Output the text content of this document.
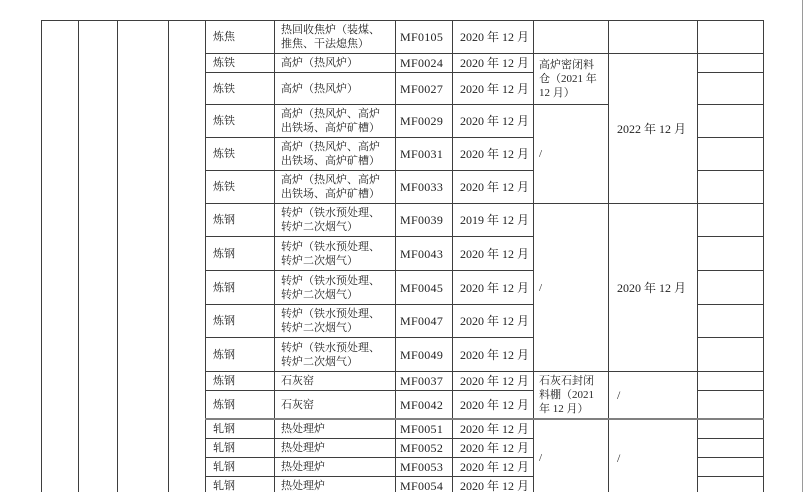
				炼焦	热回收焦炉（装煤、推焦、干法熄焦）	MF0105	2020 年 12 月			
				炼铁	高炉（热风炉）	MF0024	2020 年 12 月	高炉密闭料仓（2021 年 12 月）	2022 年 12 月	
				炼铁	高炉（热风炉）	MF0027	2020 年 12 月			
				炼铁	高炉（热风炉、高炉出铁场、高炉矿槽）	MF0029	2020 年 12 月	/		
				炼铁	高炉（热风炉、高炉出铁场、高炉矿槽）	MF0031	2020 年 12 月			
				炼铁	高炉（热风炉、高炉出铁场、高炉矿槽）	MF0033	2020 年 12 月			
				炼钢	转炉（铁水预处理、转炉二次烟气）	MF0039	2019 年 12 月	/	2020 年 12 月	
				炼钢	转炉（铁水预处理、转炉二次烟气）	MF0043	2020 年 12 月			
				炼钢	转炉（铁水预处理、转炉二次烟气）	MF0045	2020 年 12 月			
				炼钢	转炉（铁水预处理、转炉二次烟气）	MF0047	2020 年 12 月			
				炼钢	转炉（铁水预处理、转炉二次烟气）	MF0049	2020 年 12 月			
				炼钢	石灰窑	MF0037	2020 年 12 月	石灰石封闭料棚（2021 年 12 月）	/	
				炼钢	石灰窑	MF0042	2020 年 12 月			
				轧钢	热处理炉	MF0051	2020 年 12 月	/	/	
				轧钢	热处理炉	MF0052	2020 年 12 月			
				轧钢	热处理炉	MF0053	2020 年 12 月			
				轧钢	热处理炉	MF0054	2020 年 12 月			
